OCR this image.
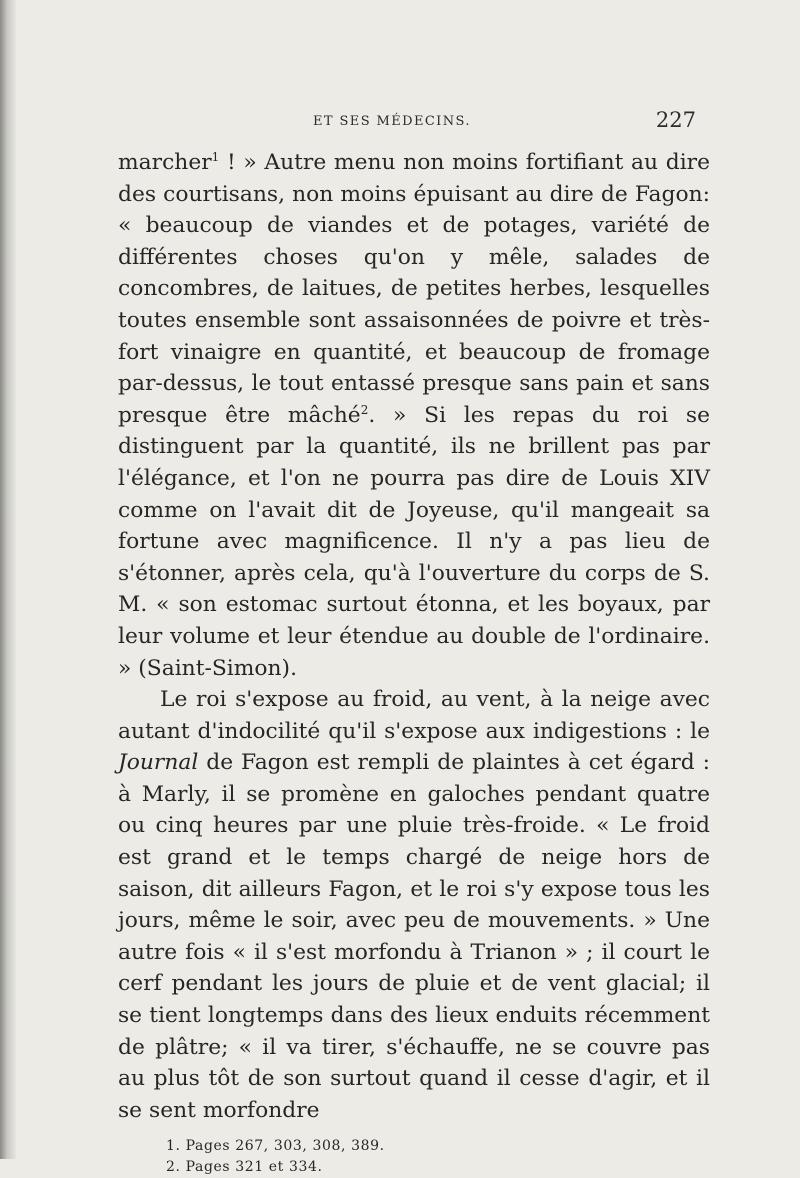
ET SES MÉDECINS.	227

marcher$^1$ ! » Autre menu non moins fortifiant au dire des courtisans, non moins épuisant au dire de Fagon: « beaucoup de viandes et de potages, variété de différentes choses qu'on y mêle, salades de concombres, de laitues, de petites herbes, lesquelles toutes ensemble sont assaisonnées de poivre et très-fort vinaigre en quantité, et beaucoup de fromage par-dessus, le tout entassé presque sans pain et sans presque être mâché$^2$. » Si les repas du roi se distinguent par la quantité, ils ne brillent pas par l'élégance, et l'on ne pourra pas dire de Louis XIV comme on l'avait dit de Joyeuse, qu'il mangeait sa fortune avec magnificence. Il n'y a pas lieu de s'étonner, après cela, qu'à l'ouverture du corps de S. M. « son estomac surtout étonna, et les boyaux, par leur volume et leur étendue au double de l'ordinaire. » (Saint-Simon).

Le roi s'expose au froid, au vent, à la neige avec autant d'indocilité qu'il s'expose aux indigestions : le Journal de Fagon est rempli de plaintes à cet égard : à Marly, il se promène en galoches pendant quatre ou cinq heures par une pluie très-froide. « Le froid est grand et le temps chargé de neige hors de saison, dit ailleurs Fagon, et le roi s'y expose tous les jours, même le soir, avec peu de mouvements. » Une autre fois « il s'est morfondu à Trianon » ; il court le cerf pendant les jours de pluie et de vent glacial; il se tient longtemps dans des lieux enduits récemment de plâtre; « il va tirer, s'échauffe, ne se couvre pas au plus tôt de son surtout quand il cesse d'agir, et il se sent morfondre

1. Pages 267, 303, 308, 389.

2. Pages 321 et 334.
